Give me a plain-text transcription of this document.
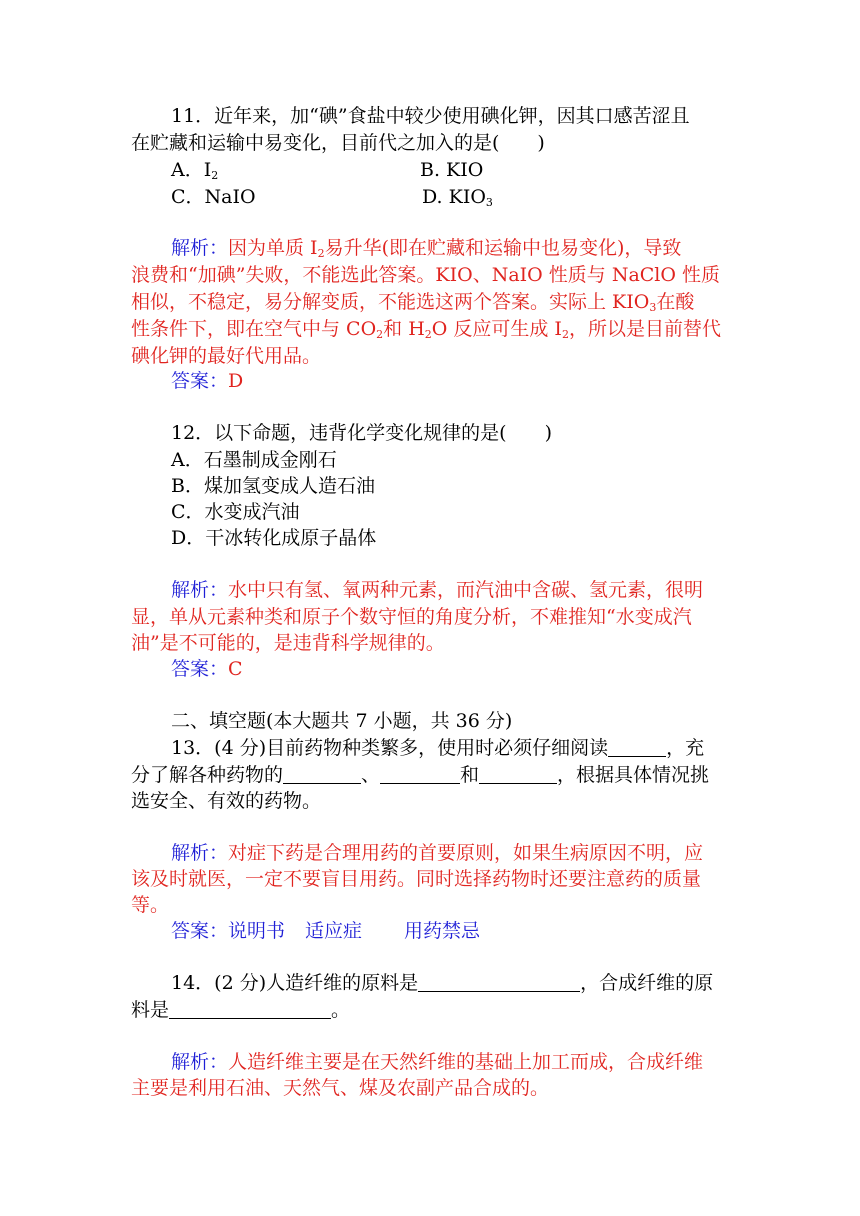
11．近年来，加“碘”食盐中较少使用碘化钾，因其口感苦涩且
在贮藏和运输中易变化，目前代之加入的是(　　)
A．$I_2$	B. KIO
C．NaIO	D. $KIO_3$
解析：因为单质 $I_2$易升华(即在贮藏和运输中也易变化)，导致
浪费和“加碘”失败，不能选此答案。KIO、NaIO 性质与 NaClO 性质
相似，不稳定，易分解变质，不能选这两个答案。实际上 $KIO_3$在酸
性条件下，即在空气中与 $CO_2$和 $H_2O$ 反应可生成 $I_2$，所以是目前替代
碘化钾的最好代用品。
答案：D
12．以下命题，违背化学变化规律的是(　　)
A．石墨制成金刚石
B．煤加氢变成人造石油
C．水变成汽油
D．干冰转化成原子晶体
解析：水中只有氢、氧两种元素，而汽油中含碳、氢元素，很明
显，单从元素种类和原子个数守恒的角度分析，不难推知“水变成汽
油”是不可能的，是违背科学规律的。
答案：C
二、填空题(本大题共 7 小题，共 36 分)
13．(4 分)目前药物种类繁多，使用时必须仔细阅读	，充
分了解各种药物的	、	和	，根据具体情况挑
选安全、有效的药物。
解析：对症下药是合理用药的首要原则，如果生病原因不明，应
该及时就医，一定不要盲目用药。同时选择药物时还要注意药的质量
等。
答案：说明书 适应症 用药禁忌
14．(2 分)人造纤维的原料是	，合成纤维的原
料是	。
解析：人造纤维主要是在天然纤维的基础上加工而成，合成纤维
主要是利用石油、天然气、煤及农副产品合成的。
